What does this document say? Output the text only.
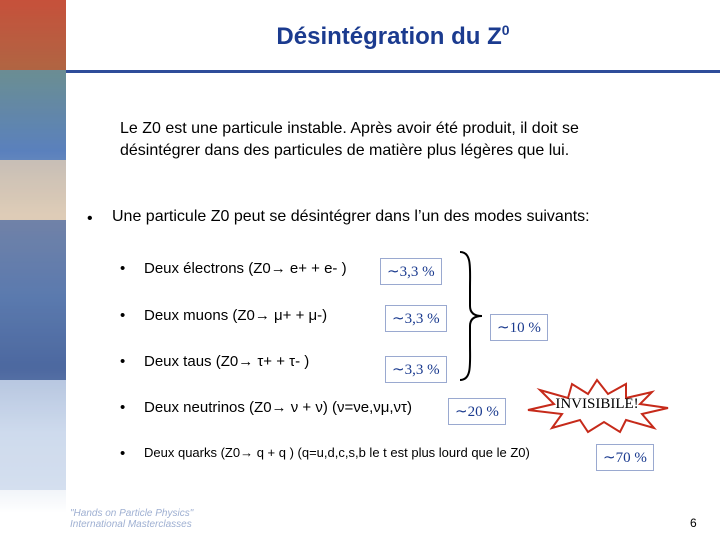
Désintégration du $Z^0$
Le Z0 est une particule instable. Après avoir été produit, il doit se désintégrer dans des particules de matière plus légères que lui.
• Une particule Z0 peut se désintégrer dans l’un des modes suivants:
• Deux électrons (Z0→ e+ + e- )
• Deux muons (Z0→ μ+ + μ-)
• Deux taus (Z0→ τ+ + τ- )
• Deux neutrinos (Z0→ ν + ν) (ν=νe,νμ,ντ)
• Deux quarks (Z0→ q + q ) (q=u,d,c,s,b le t est plus lourd que le Z0)
∼3,3 %
∼3,3 %
∼3,3 %
∼20 %
∼70 %
∼10 %
INVISIBILE!
"Hands on Particle Physics"
International Masterclasses	6
